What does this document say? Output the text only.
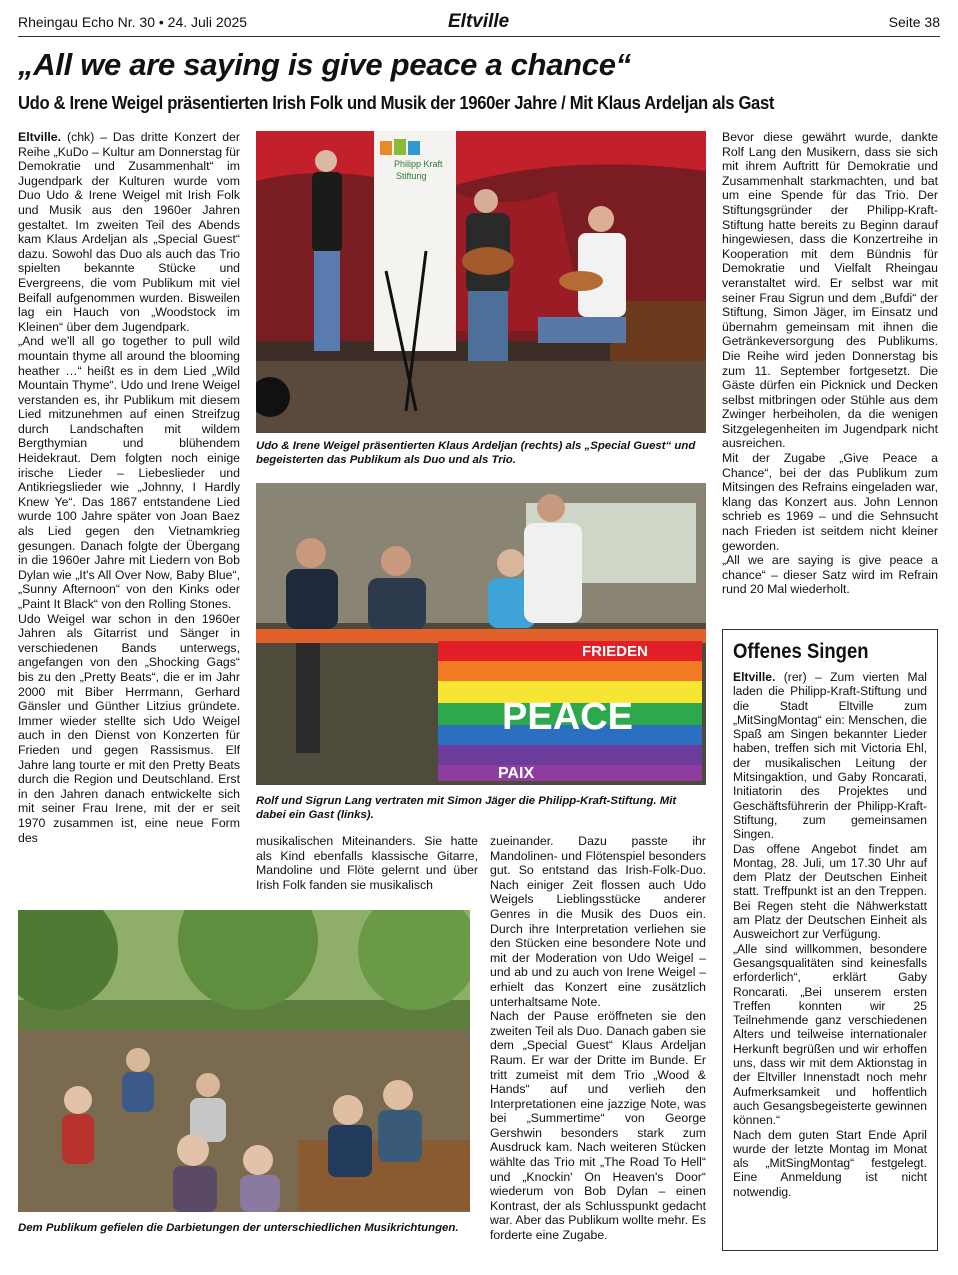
Rheingau Echo Nr. 30 • 24. Juli 2025	Eltville	Seite 38
„All we are saying is give peace a chance“
Udo & Irene Weigel präsentierten Irish Folk und Musik der 1960er Jahre / Mit Klaus Ardeljan als Gast

Eltville. (chk) – Das dritte Konzert der Reihe „KuDo – Kultur am Donnerstag für Demokratie und Zusammenhalt“ im Jugendpark der Kulturen wurde vom Duo Udo & Irene Weigel mit Irish Folk und Musik aus den 1960er Jahren gestaltet. Im zweiten Teil des Abends kam Klaus Ardeljan als „Special Guest“ dazu. Sowohl das Duo als auch das Trio spielten bekannte Stücke und Evergreens, die vom Publikum mit viel Beifall aufgenommen wurden. Bisweilen lag ein Hauch von „Woodstock im Kleinen“ über dem Jugendpark.

„And we'll all go together to pull wild mountain thyme all around the blooming heather …“ heißt es in dem Lied „Wild Mountain Thyme“. Udo und Irene Weigel verstanden es, ihr Publikum mit diesem Lied mitzunehmen auf einen Streifzug durch Landschaften mit wildem Bergthymian und blühendem Heidekraut. Dem folgten noch einige irische Lieder – Liebeslieder und Antikriegslieder wie „Johnny, I Hardly Knew Ye“. Das 1867 entstandene Lied wurde 100 Jahre später von Joan Baez als Lied gegen den Vietnamkrieg gesungen. Danach folgte der Übergang in die 1960er Jahre mit Liedern von Bob Dylan wie „It's All Over Now, Baby Blue“, „Sunny Afternoon“ von den Kinks oder „Paint It Black“ von den Rolling Stones.

Udo Weigel war schon in den 1960er Jahren als Gitarrist und Sänger in verschiedenen Bands unterwegs, angefangen von den „Shocking Gags“ bis zu den „Pretty Beats“, die er im Jahr 2000 mit Biber Herrmann, Gerhard Gänsler und Günther Litzius gründete. Immer wieder stellte sich Udo Weigel auch in den Dienst von Konzerten für Frieden und gegen Rassismus. Elf Jahre lang tourte er mit den Pretty Beats durch die Region und Deutschland. Erst in den Jahren danach entwickelte sich mit seiner Frau Irene, mit der er seit 1970 zusammen ist, eine neue Form des

Philipp Kraft
Stiftung

Udo & Irene Weigel präsentierten Klaus Ardeljan (rechts) als „Special Guest“ und begeisterten das Publikum als Duo und als Trio.

FRIEDEN
PEACE
PAIX

Rolf und Sigrun Lang vertraten mit Simon Jäger die Philipp-Kraft-Stiftung. Mit dabei ein Gast (links).

musikalischen Miteinanders. Sie hatte als Kind ebenfalls klassische Gitarre, Mandoline und Flöte gelernt und über Irish Folk fanden sie musikalisch

zueinander. Dazu passte ihr Mandolinen- und Flötenspiel besonders gut. So entstand das Irish-Folk-Duo. Nach einiger Zeit flossen auch Udo Weigels Lieblingsstücke anderer Genres in die Musik des Duos ein. Durch ihre Interpretation verliehen sie den Stücken eine besondere Note und mit der Moderation von Udo Weigel – und ab und zu auch von Irene Weigel – erhielt das Konzert eine zusätzlich unterhaltsame Note.

Nach der Pause eröffneten sie den zweiten Teil als Duo. Danach gaben sie dem „Special Guest“ Klaus Ardeljan Raum. Er war der Dritte im Bunde. Er tritt zumeist mit dem Trio „Wood & Hands“ auf und verlieh den Interpretationen eine jazzige Note, was bei „Summertime“ von George Gershwin besonders stark zum Ausdruck kam. Nach weiteren Stücken wählte das Trio mit „The Road To Hell“ und „Knockin' On Heaven's Door“ wiederum von Bob Dylan – einen Kontrast, der als Schlusspunkt gedacht war. Aber das Publikum wollte mehr. Es forderte eine Zugabe.

Dem Publikum gefielen die Darbietungen der unterschiedlichen Musikrichtungen.

Bevor diese gewährt wurde, dankte Rolf Lang den Musikern, dass sie sich mit ihrem Auftritt für Demokratie und Zusammenhalt starkmachten, und bat um eine Spende für das Trio. Der Stiftungsgründer der Philipp-Kraft-Stiftung hatte bereits zu Beginn darauf hingewiesen, dass die Konzertreihe in Kooperation mit dem Bündnis für Demokratie und Vielfalt Rheingau veranstaltet wird. Er selbst war mit seiner Frau Sigrun und dem „Bufdi“ der Stiftung, Simon Jäger, im Einsatz und übernahm gemeinsam mit ihnen die Getränkeversorgung des Publikums. Die Reihe wird jeden Donnerstag bis zum 11. September fortgesetzt. Die Gäste dürfen ein Picknick und Decken selbst mitbringen oder Stühle aus dem Zwinger herbeiholen, da die wenigen Sitzgelegenheiten im Jugendpark nicht ausreichen.

Mit der Zugabe „Give Peace a Chance“, bei der das Publikum zum Mitsingen des Refrains eingeladen war, klang das Konzert aus. John Lennon schrieb es 1969 – und die Sehnsucht nach Frieden ist seitdem nicht kleiner geworden.

„All we are saying is give peace a chance“ – dieser Satz wird im Refrain rund 20 Mal wiederholt.

Offenes Singen

Eltville. (rer) – Zum vierten Mal laden die Philipp-Kraft-Stiftung und die Stadt Eltville zum „MitSingMontag“ ein: Menschen, die Spaß am Singen bekannter Lieder haben, treffen sich mit Victoria Ehl, der musikalischen Leitung der Mitsingaktion, und Gaby Roncarati, Initiatorin des Projektes und Geschäftsführerin der Philipp-Kraft-Stiftung, zum gemeinsamen Singen.

Das offene Angebot findet am Montag, 28. Juli, um 17.30 Uhr auf dem Platz der Deutschen Einheit statt. Treffpunkt ist an den Treppen. Bei Regen steht die Nähwerkstatt am Platz der Deutschen Einheit als Ausweichort zur Verfügung.

„Alle sind willkommen, besondere Gesangsqualitäten sind keinesfalls erforderlich“, erklärt Gaby Roncarati. „Bei unserem ersten Treffen konnten wir 25 Teilnehmende ganz verschiedenen Alters und teilweise internationaler Herkunft begrüßen und wir erhoffen uns, dass wir mit dem Aktionstag in der Eltviller Innenstadt noch mehr Aufmerksamkeit und hoffentlich auch Gesangsbegeisterte gewinnen können.“

Nach dem guten Start Ende April wurde der letzte Montag im Monat als „MitSingMontag“ festgelegt. Eine Anmeldung ist nicht notwendig.
